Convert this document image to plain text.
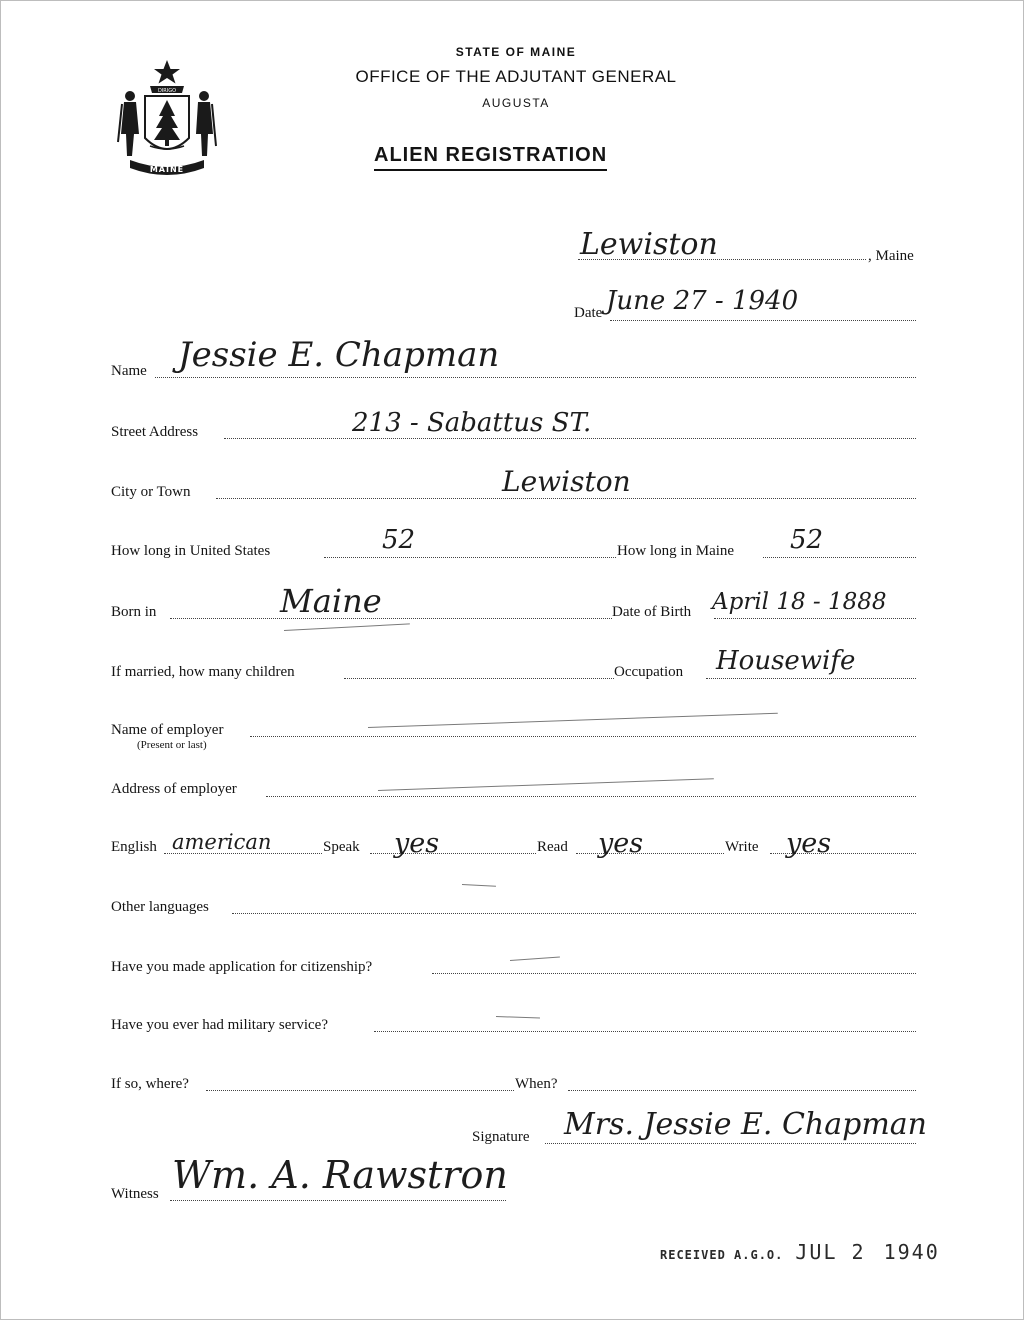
DIRIGO
MAINE
STATE OF MAINE
OFFICE OF THE ADJUTANT GENERAL
AUGUSTA
ALIEN REGISTRATION
Lewiston	, Maine
Date June 27 - 1940
Name Jessie E. Chapman
Street Address	213 - Sabattus ST.
City or Town	Lewiston
How long in United States	52	How long in Maine 52
Born in	Maine	Date of Birth April 18 - 1888
If married, how many children	Occupation Housewife
Name of employer
(Present or last)
Address of employer
English american	Speak yes	Read yes	Write yes
Other languages
Have you made application for citizenship?
Have you ever had military service?
If so, where?	When?
Signature Mrs. Jessie E. Chapman
Witness Wm. A. Rawstron
RECEIVED A.G.O. JUL 2 1940
